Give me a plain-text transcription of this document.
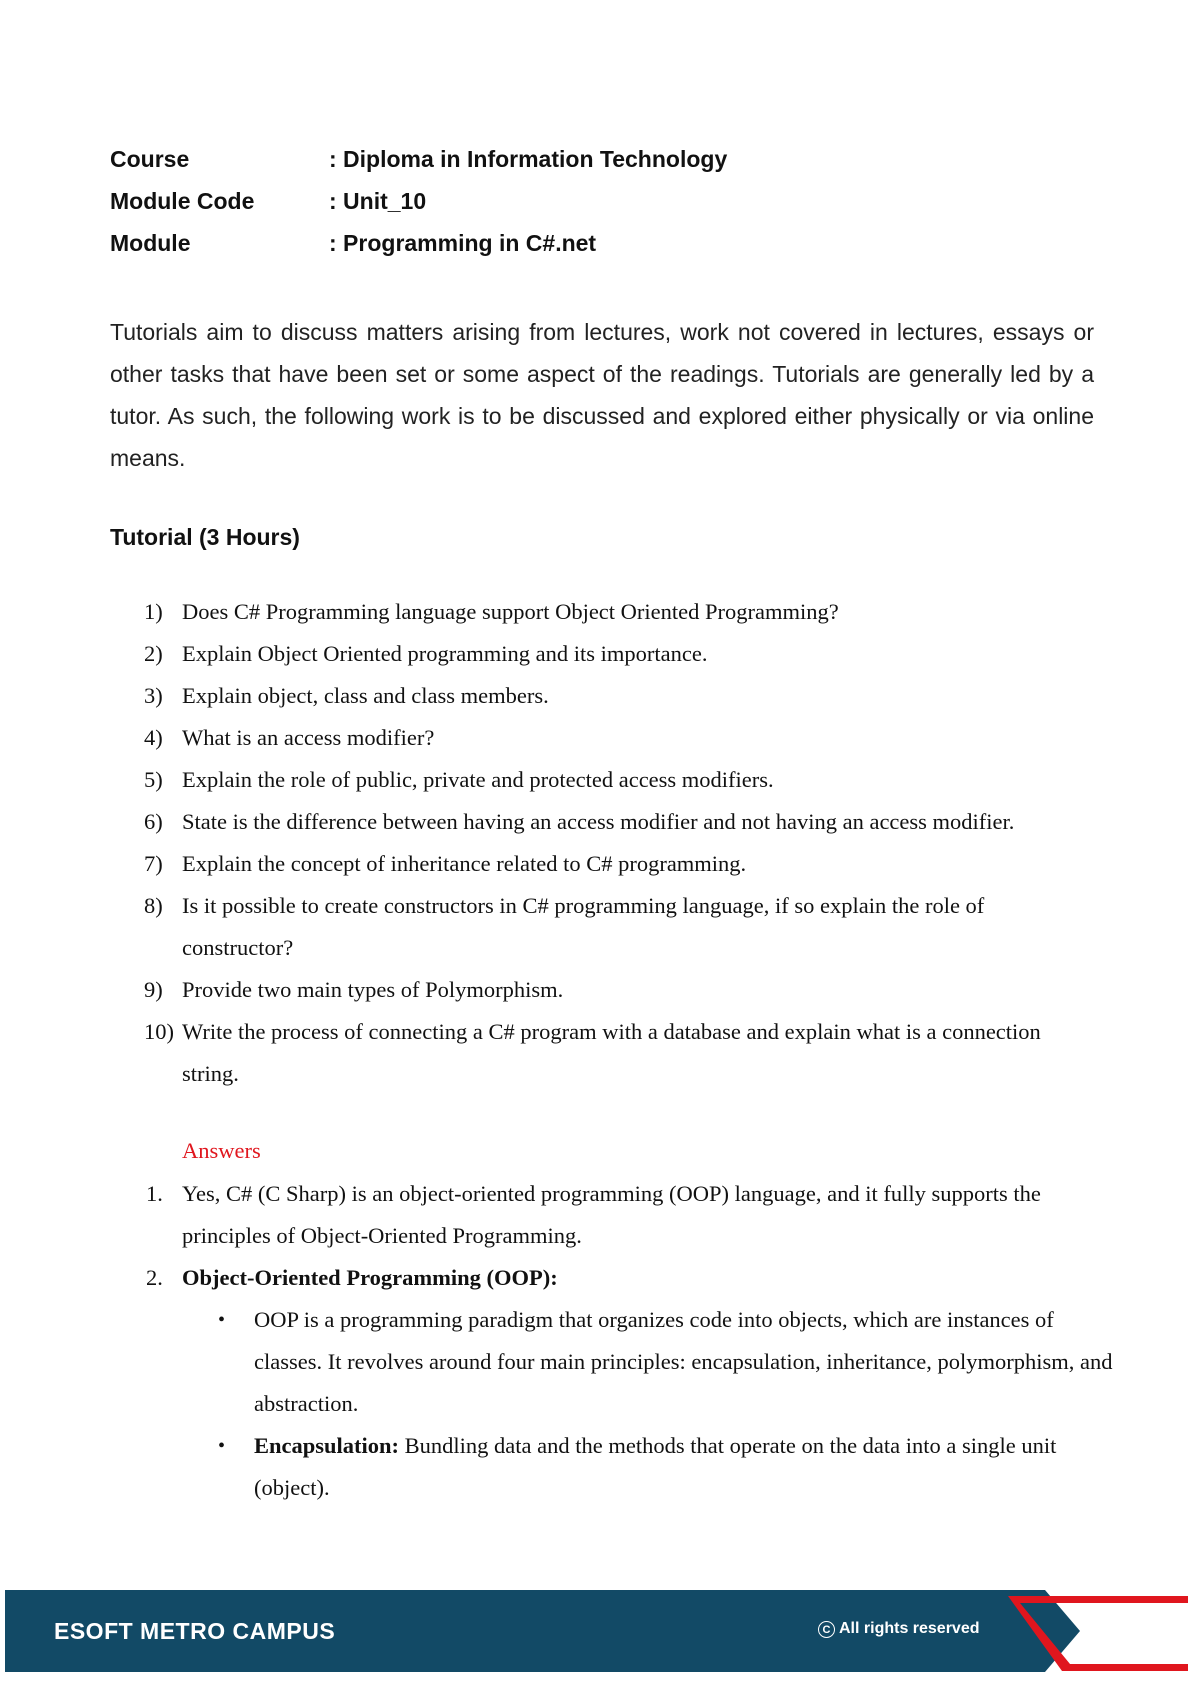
Course	: Diploma in Information Technology
Module Code	: Unit_10
Module	: Programming in C#.net

Tutorials aim to discuss matters arising from lectures, work not covered in lectures, essays or other tasks that have been set or some aspect of the readings. Tutorials are generally led by a tutor. As such, the following work is to be discussed and explored either physically or via online means.

Tutorial (3 Hours)
1) Does C# Programming language support Object Oriented Programming?
2) Explain Object Oriented programming and its importance.
3) Explain object, class and class members.
4) What is an access modifier?
5) Explain the role of public, private and protected access modifiers.
6) State is the difference between having an access modifier and not having an access modifier.
7) Explain the concept of inheritance related to C# programming.
8) Is it possible to create constructors in C# programming language, if so explain the role of constructor?
9) Provide two main types of Polymorphism.
10) Write the process of connecting a C# program with a database and explain what is a connection string.

Answers

1. Yes, C# (C Sharp) is an object-oriented programming (OOP) language, and it fully supports the principles of Object-Oriented Programming.
2. Object-Oriented Programming (OOP):
• OOP is a programming paradigm that organizes code into objects, which are instances of classes. It revolves around four main principles: encapsulation, inheritance, polymorphism, and abstraction.
• Encapsulation: Bundling data and the methods that operate on the data into a single unit (object).
ESOFT METRO CAMPUS	C All rights reserved
